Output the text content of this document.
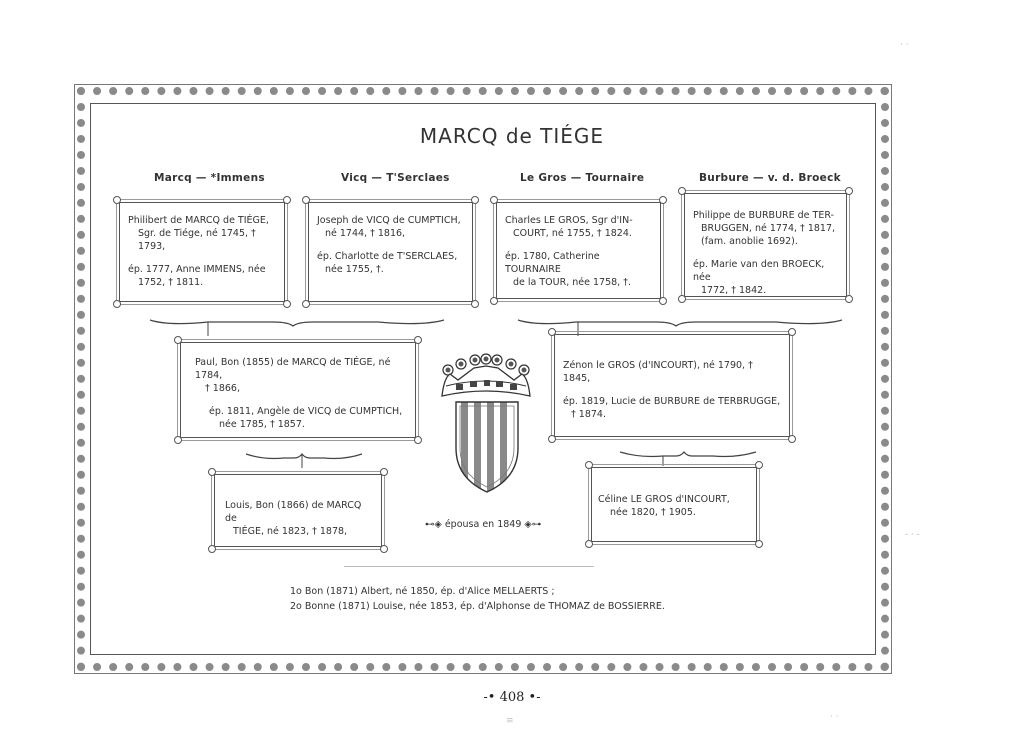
MARCQ de TIÉGE
Marcq — *Immens	Vicq — T'Serclaes	Le Gros — Tournaire	Burbure — v. d. Broeck

Philibert de MARCQ de TIÉGE,

Sgr. de Tiége, né 1745, † 1793,

ép. 1777, Anne IMMENS, née

1752, † 1811.

Joseph de VICQ de CUMPTICH,

né 1744, † 1816,

ép. Charlotte de T'SERCLAES,

née 1755, †.

Charles LE GROS, Sgr d'IN-

COURT, né 1755, † 1824.

ép. 1780, Catherine TOURNAIRE

de la TOUR, née 1758, †.

Philippe de BURBURE de TER-

BRUGGEN, né 1774, † 1817,

(fam. anoblie 1692).

ép. Marie van den BROECK, née

1772, † 1842.

Paul, Bon (1855) de MARCQ de TIÉGE, né 1784,

† 1866,

ép. 1811, Angèle de VICQ de CUMPTICH,

née 1785, † 1857.

Zénon le GROS (d'INCOURT), né 1790, † 1845,

ép. 1819, Lucie de BURBURE de TERBRUGGE,

† 1874.

Louis, Bon (1866) de MARCQ de

TIÉGE, né 1823, † 1878,

Céline LE GROS d'INCOURT,

née 1820, † 1905.

⊷◈ épousa en 1849 ◈⊶
1o Bon (1871) Albert, né 1850, ép. d'Alice MELLAERTS ;
2o Bonne (1871) Louise, née 1853, ép. d'Alphonse de THOMAZ de BOSSIERRE.
-• 408 •-
· ·
- · -
· ·
≡
